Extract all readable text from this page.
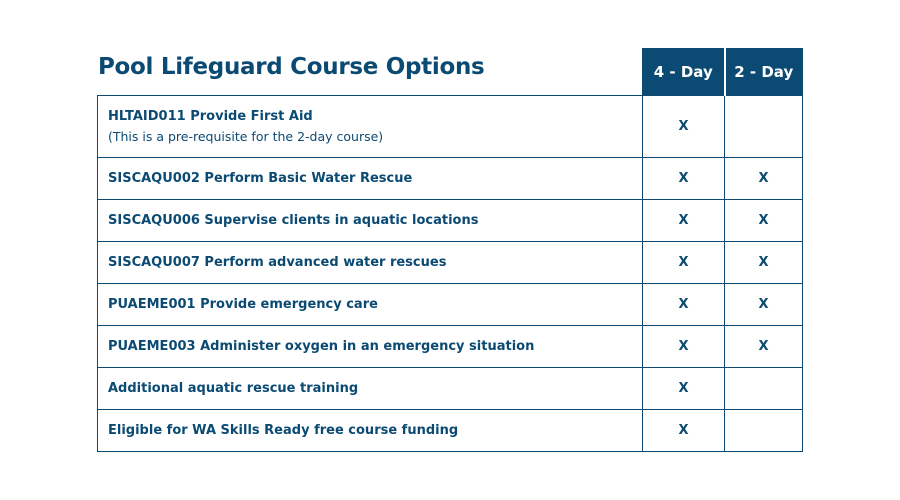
	4 - Day	2 - Day
HLTAID011 Provide First Aid
(This is a pre-requisite for the 2-day course)	X	
SISCAQU002 Perform Basic Water Rescue	X	X
SISCAQU006 Supervise clients in aquatic locations	X	X
SISCAQU007 Perform advanced water rescues	X	X
PUAEME001 Provide emergency care	X	X
PUAEME003 Administer oxygen in an emergency situation	X	X
Additional aquatic rescue training	X	
Eligible for WA Skills Ready free course funding	X	
Pool Lifeguard Course Options
